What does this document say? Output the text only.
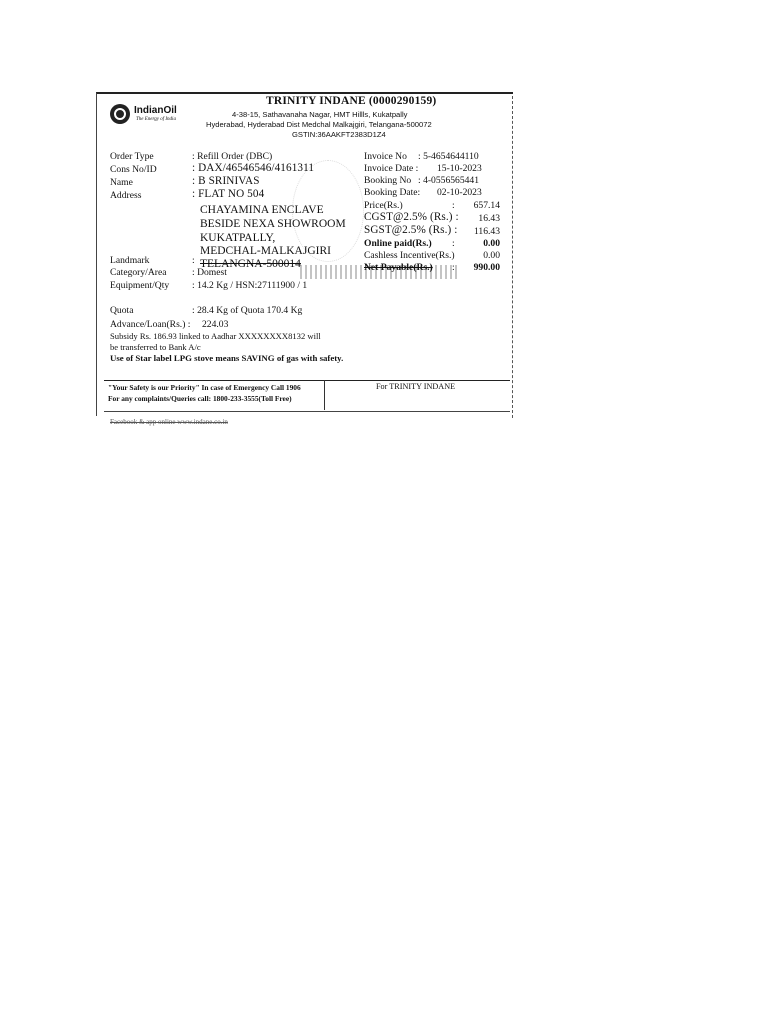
IndianOil
The Energy of India
TRINITY INDANE (0000290159)
4-38-15, Sathavanaha Nagar, HMT Hillls, Kukatpally
Hyderabad, Hyderabad Dist Medchal Malkajgiri, Telangana-500072
GSTIN:36AAKFT2383D1Z4
Order Type	: Refill Order (DBC)
Cons No/ID	: DAX/46546546/4161311
Name	: B SRINIVAS
Address	: FLAT NO 504
CHAYAMINA ENCLAVE
BESIDE NEXA SHOWROOM
KUKATPALLY,
MEDCHAL-MALKAJGIRI
TELANGNA-500014
Landmark	:
Category/Area	: Domest
Equipment/Qty : 14.2 Kg / HSN:27111900 / 1
Quota	: 28.4 Kg of Quota 170.4 Kg
Advance/Loan(Rs.) : 224.03
Subsidy Rs. 186.93 linked to Aadhar XXXXXXXX8132 will
be transferred to Bank A/c
Use of Star label LPG stove means SAVING of gas with safety.
Invoice No : 5-4654644110
Invoice Date : 15-10-2023
Booking No : 4-0556565441
Booking Date: 02-10-2023
Price(Rs.)	:	657.14
CGST@2.5% (Rs.) :	16.43
SGST@2.5% (Rs.) :	116.43
Online paid(Rs.) :	0.00
Cashless Incentive(Rs.)	0.00
Net Payable(Rs.) :	990.00
"Your Safety is our Priority" In case of Emergency Call 1906
For any complaints/Queries call: 1800-233-3555(Toll Free)
For TRINITY INDANE
Facebook & app online www.indane.co.in
